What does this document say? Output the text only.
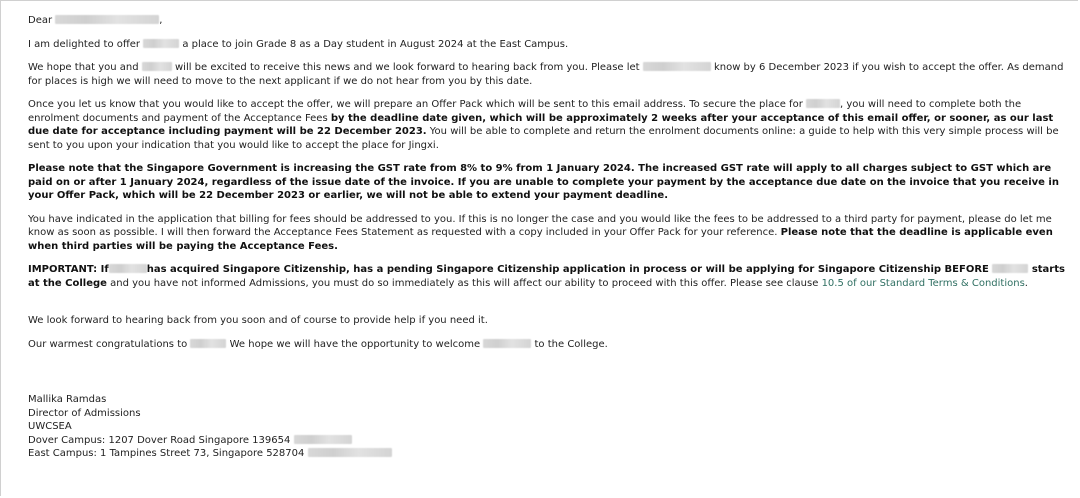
Dear	,

I am delighted to offer	a place to join Grade 8 as a Day student in August 2024 at the East Campus.

We hope that you and	will be excited to receive this news and we look forward to hearing back from you. Please let	know by 6 December 2023 if you wish to accept the offer. As demand for places is high we will need to move to the next applicant if we do not hear from you by this date.

Once you let us know that you would like to accept the offer, we will prepare an Offer Pack which will be sent to this email address. To secure the place for	, you will need to complete both the enrolment documents and payment of the Acceptance Fees by the deadline date given, which will be approximately 2 weeks after your acceptance of this email offer, or sooner, as our last due date for acceptance including payment will be 22 December 2023. You will be able to complete and return the enrolment documents online: a guide to help with this very simple process will be sent to you upon your indication that you would like to accept the place for Jingxi.

Please note that the Singapore Government is increasing the GST rate from 8% to 9% from 1 January 2024. The increased GST rate will apply to all charges subject to GST which are paid on or after 1 January 2024, regardless of the issue date of the invoice. If you are unable to complete your payment by the acceptance due date on the invoice that you receive in your Offer Pack, which will be 22 December 2023 or earlier, we will not be able to extend your payment deadline.

You have indicated in the application that billing for fees should be addressed to you. If this is no longer the case and you would like the fees to be addressed to a third party for payment, please do let me know as soon as possible. I will then forward the Acceptance Fees Statement as requested with a copy included in your Offer Pack for your reference. Please note that the deadline is applicable even when third parties will be paying the Acceptance Fees.

IMPORTANT: If	has acquired Singapore Citizenship, has a pending Singapore Citizenship application in process or will be applying for Singapore Citizenship BEFORE	starts at the College and you have not informed Admissions, you must do so immediately as this will affect our ability to proceed with this offer. Please see clause 10.5 of our Standard Terms & Conditions.

We look forward to hearing back from you soon and of course to provide help if you need it.

Our warmest congratulations to	We hope we will have the opportunity to welcome	to the College.

Mallika Ramdas
Director of Admissions
UWCSEA
Dover Campus: 1207 Dover Road Singapore 139654
East Campus: 1 Tampines Street 73, Singapore 528704
